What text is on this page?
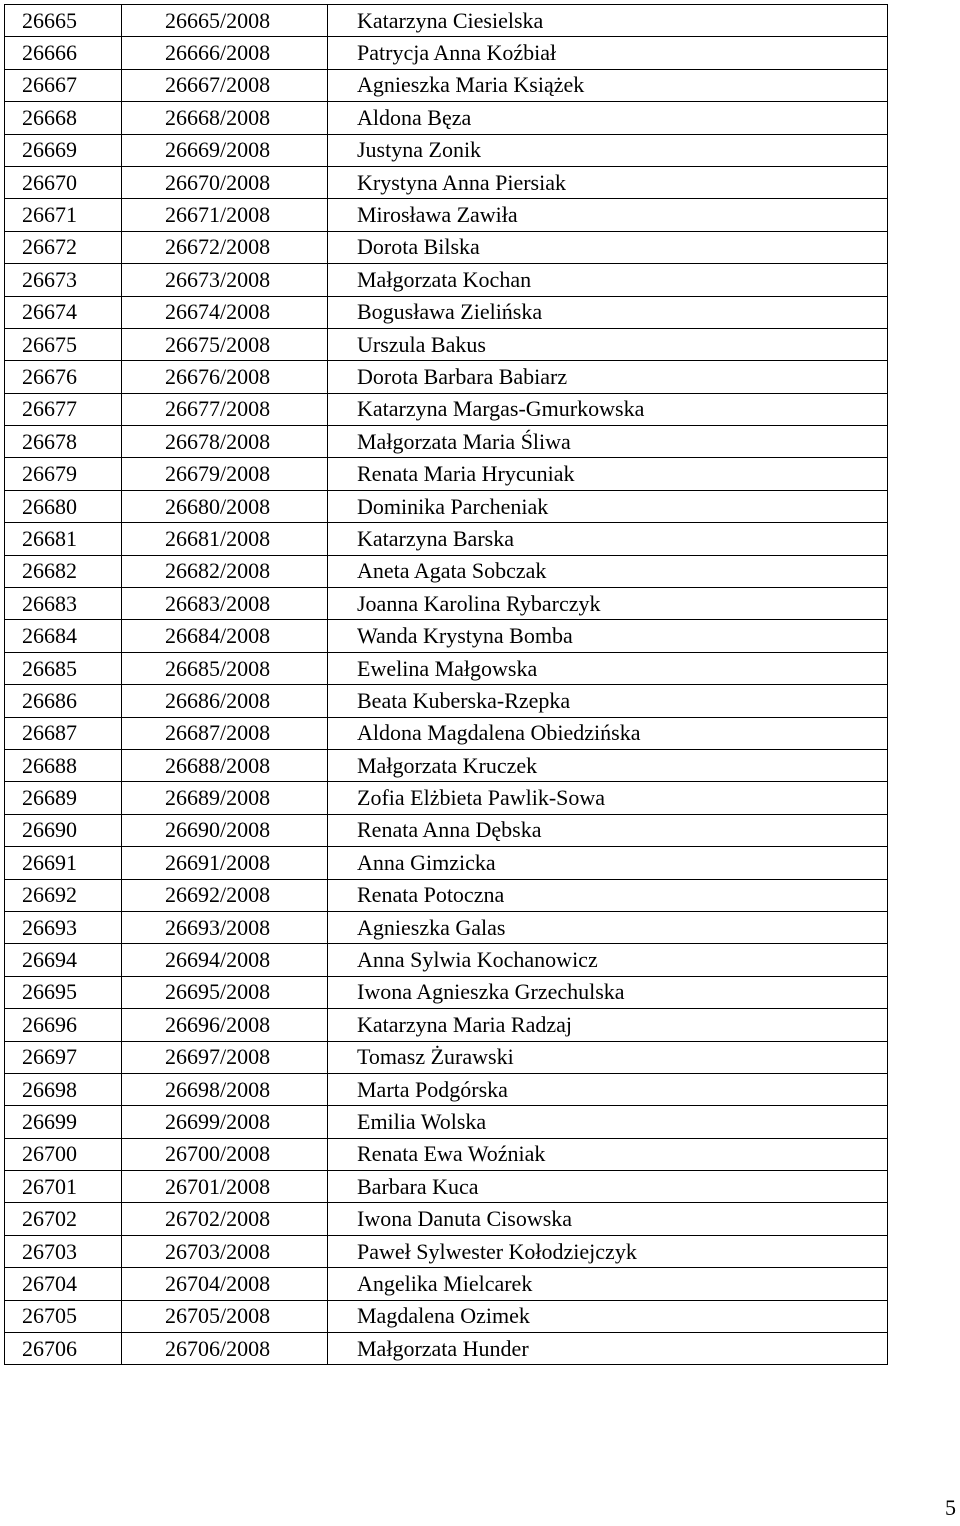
26665	26665/2008	Katarzyna Ciesielska
26666	26666/2008	Patrycja Anna Koźbiał
26667	26667/2008	Agnieszka Maria Książek
26668	26668/2008	Aldona Bęza
26669	26669/2008	Justyna Zonik
26670	26670/2008	Krystyna Anna Piersiak
26671	26671/2008	Mirosława Zawiła
26672	26672/2008	Dorota Bilska
26673	26673/2008	Małgorzata Kochan
26674	26674/2008	Bogusława Zielińska
26675	26675/2008	Urszula Bakus
26676	26676/2008	Dorota Barbara Babiarz
26677	26677/2008	Katarzyna Margas-Gmurkowska
26678	26678/2008	Małgorzata Maria Śliwa
26679	26679/2008	Renata Maria Hrycuniak
26680	26680/2008	Dominika Parcheniak
26681	26681/2008	Katarzyna Barska
26682	26682/2008	Aneta Agata Sobczak
26683	26683/2008	Joanna Karolina Rybarczyk
26684	26684/2008	Wanda Krystyna Bomba
26685	26685/2008	Ewelina Małgowska
26686	26686/2008	Beata Kuberska-Rzepka
26687	26687/2008	Aldona Magdalena Obiedzińska
26688	26688/2008	Małgorzata Kruczek
26689	26689/2008	Zofia Elżbieta Pawlik-Sowa
26690	26690/2008	Renata Anna Dębska
26691	26691/2008	Anna Gimzicka
26692	26692/2008	Renata Potoczna
26693	26693/2008	Agnieszka Galas
26694	26694/2008	Anna Sylwia Kochanowicz
26695	26695/2008	Iwona Agnieszka Grzechulska
26696	26696/2008	Katarzyna Maria Radzaj
26697	26697/2008	Tomasz Żurawski
26698	26698/2008	Marta Podgórska
26699	26699/2008	Emilia Wolska
26700	26700/2008	Renata Ewa Woźniak
26701	26701/2008	Barbara Kuca
26702	26702/2008	Iwona Danuta Cisowska
26703	26703/2008	Paweł Sylwester Kołodziejczyk
26704	26704/2008	Angelika Mielcarek
26705	26705/2008	Magdalena Ozimek
26706	26706/2008	Małgorzata Hunder
5
